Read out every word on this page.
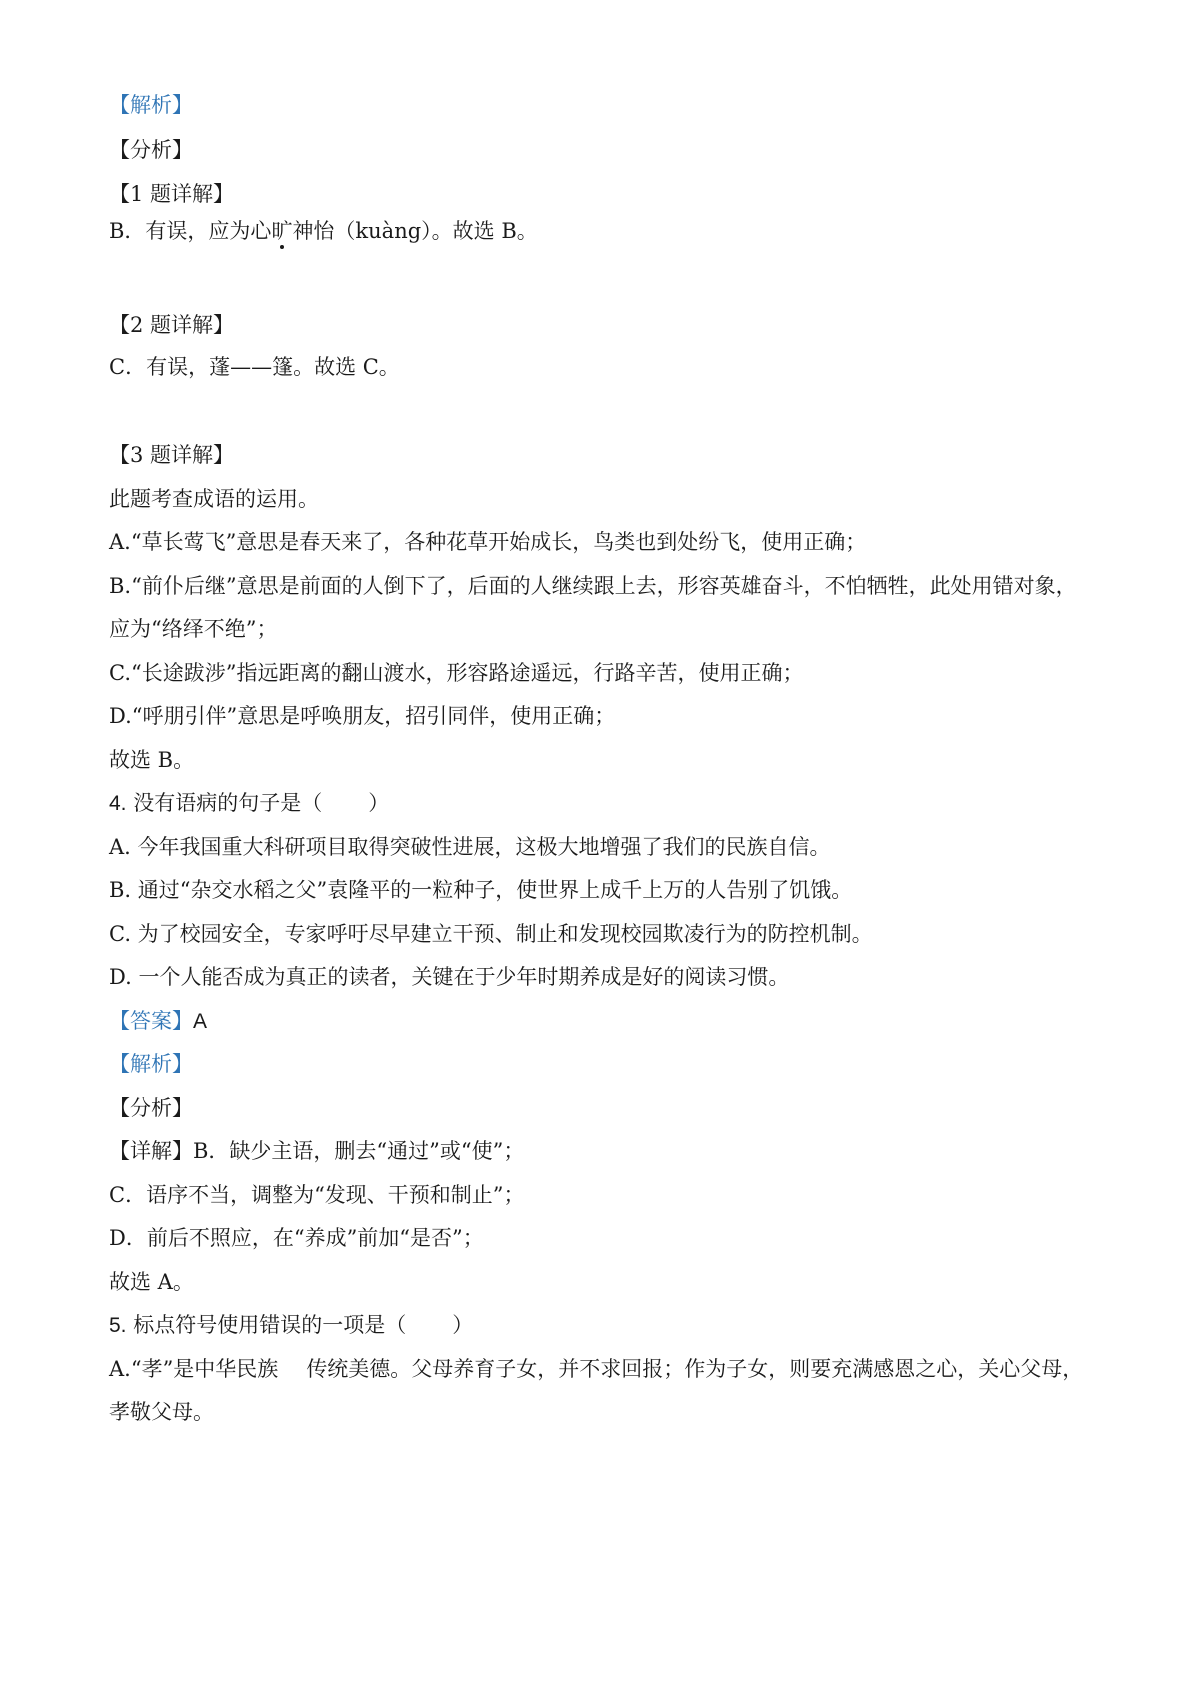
【解析】
【分析】
【1 题详解】
B．有误，应为心旷神怡（kuàng）。故选 B。
【2 题详解】
C．有误，蓬——篷。故选 C。
【3 题详解】
此题考查成语的运用。
A.“草长莺飞”意思是春天来了，各种花草开始成长，鸟类也到处纷飞，使用正确；
B.“前仆后继”意思是前面的人倒下了，后面的人继续跟上去，形容英雄奋斗，不怕牺牲，此处用错对象，
应为“络绎不绝”；
C.“长途跋涉”指远距离的翻山渡水，形容路途遥远，行路辛苦，使用正确；
D.“呼朋引伴”意思是呼唤朋友，招引同伴，使用正确；
故选 B。
4. 没有语病的句子是（ ）
A. 今年我国重大科研项目取得突破性进展，这极大地增强了我们的民族自信。
B. 通过“杂交水稻之父”袁隆平的一粒种子，使世界上成千上万的人告别了饥饿。
C. 为了校园安全，专家呼吁尽早建立干预、制止和发现校园欺凌行为的防控机制。
D. 一个人能否成为真正的读者，关键在于少年时期养成是好的阅读习惯。
【答案】A
【解析】
【分析】
【详解】B．缺少主语，删去“通过”或“使”；
C．语序不当，调整为“发现、干预和制止”；
D．前后不照应，在“养成”前加“是否”；
故选 A。
5. 标点符号使用错误的一项是（ ）
A.“孝”是中华民族 传统美德。父母养育子女，并不求回报；作为子女，则要充满感恩之心，关心父母，
孝敬父母。
